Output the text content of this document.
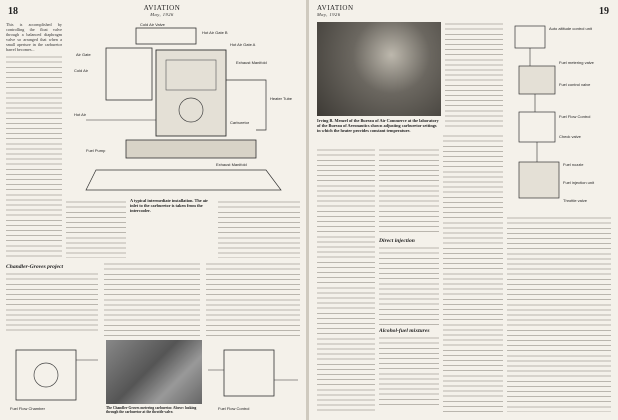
18	AVIATION
May, 1926

This is accomplished by controlling the float valve through a balanced diaphragm valve so arranged that when a small aperture in the carburetor barrel becomes...

Cold Air Valve
Hot Air Gate B
Hot Air Gate A
Air Gate
Cold Air
Hot Air
Exhaust Manifold
Heater Tube
Carburetor
Fuel Pump
Exhaust Manifold
A typical intermediate installation. The air inlet to the carburetor is taken from the intercooler.
Chandler-Groves project
Fuel Flow Chamber	Fuel Flow Control
The Chandler-Groves metering carburetor. Above: looking through the carburetor at the throttle valve.
AVIATION
May, 1926	19
Irving B. Menzel of the Bureau of Air Commerce at the laboratory of the Bureau of Aeronautics shown adjusting carburetor settings in which the heater provides constant temperature.
Auto altitude control unit
Fuel metering valve
Fuel control valve
Fuel Flow Control
Check valve
Fuel nozzle
Fuel injection unit
Throttle valve
Direct injection
Alcohol-fuel mixtures
